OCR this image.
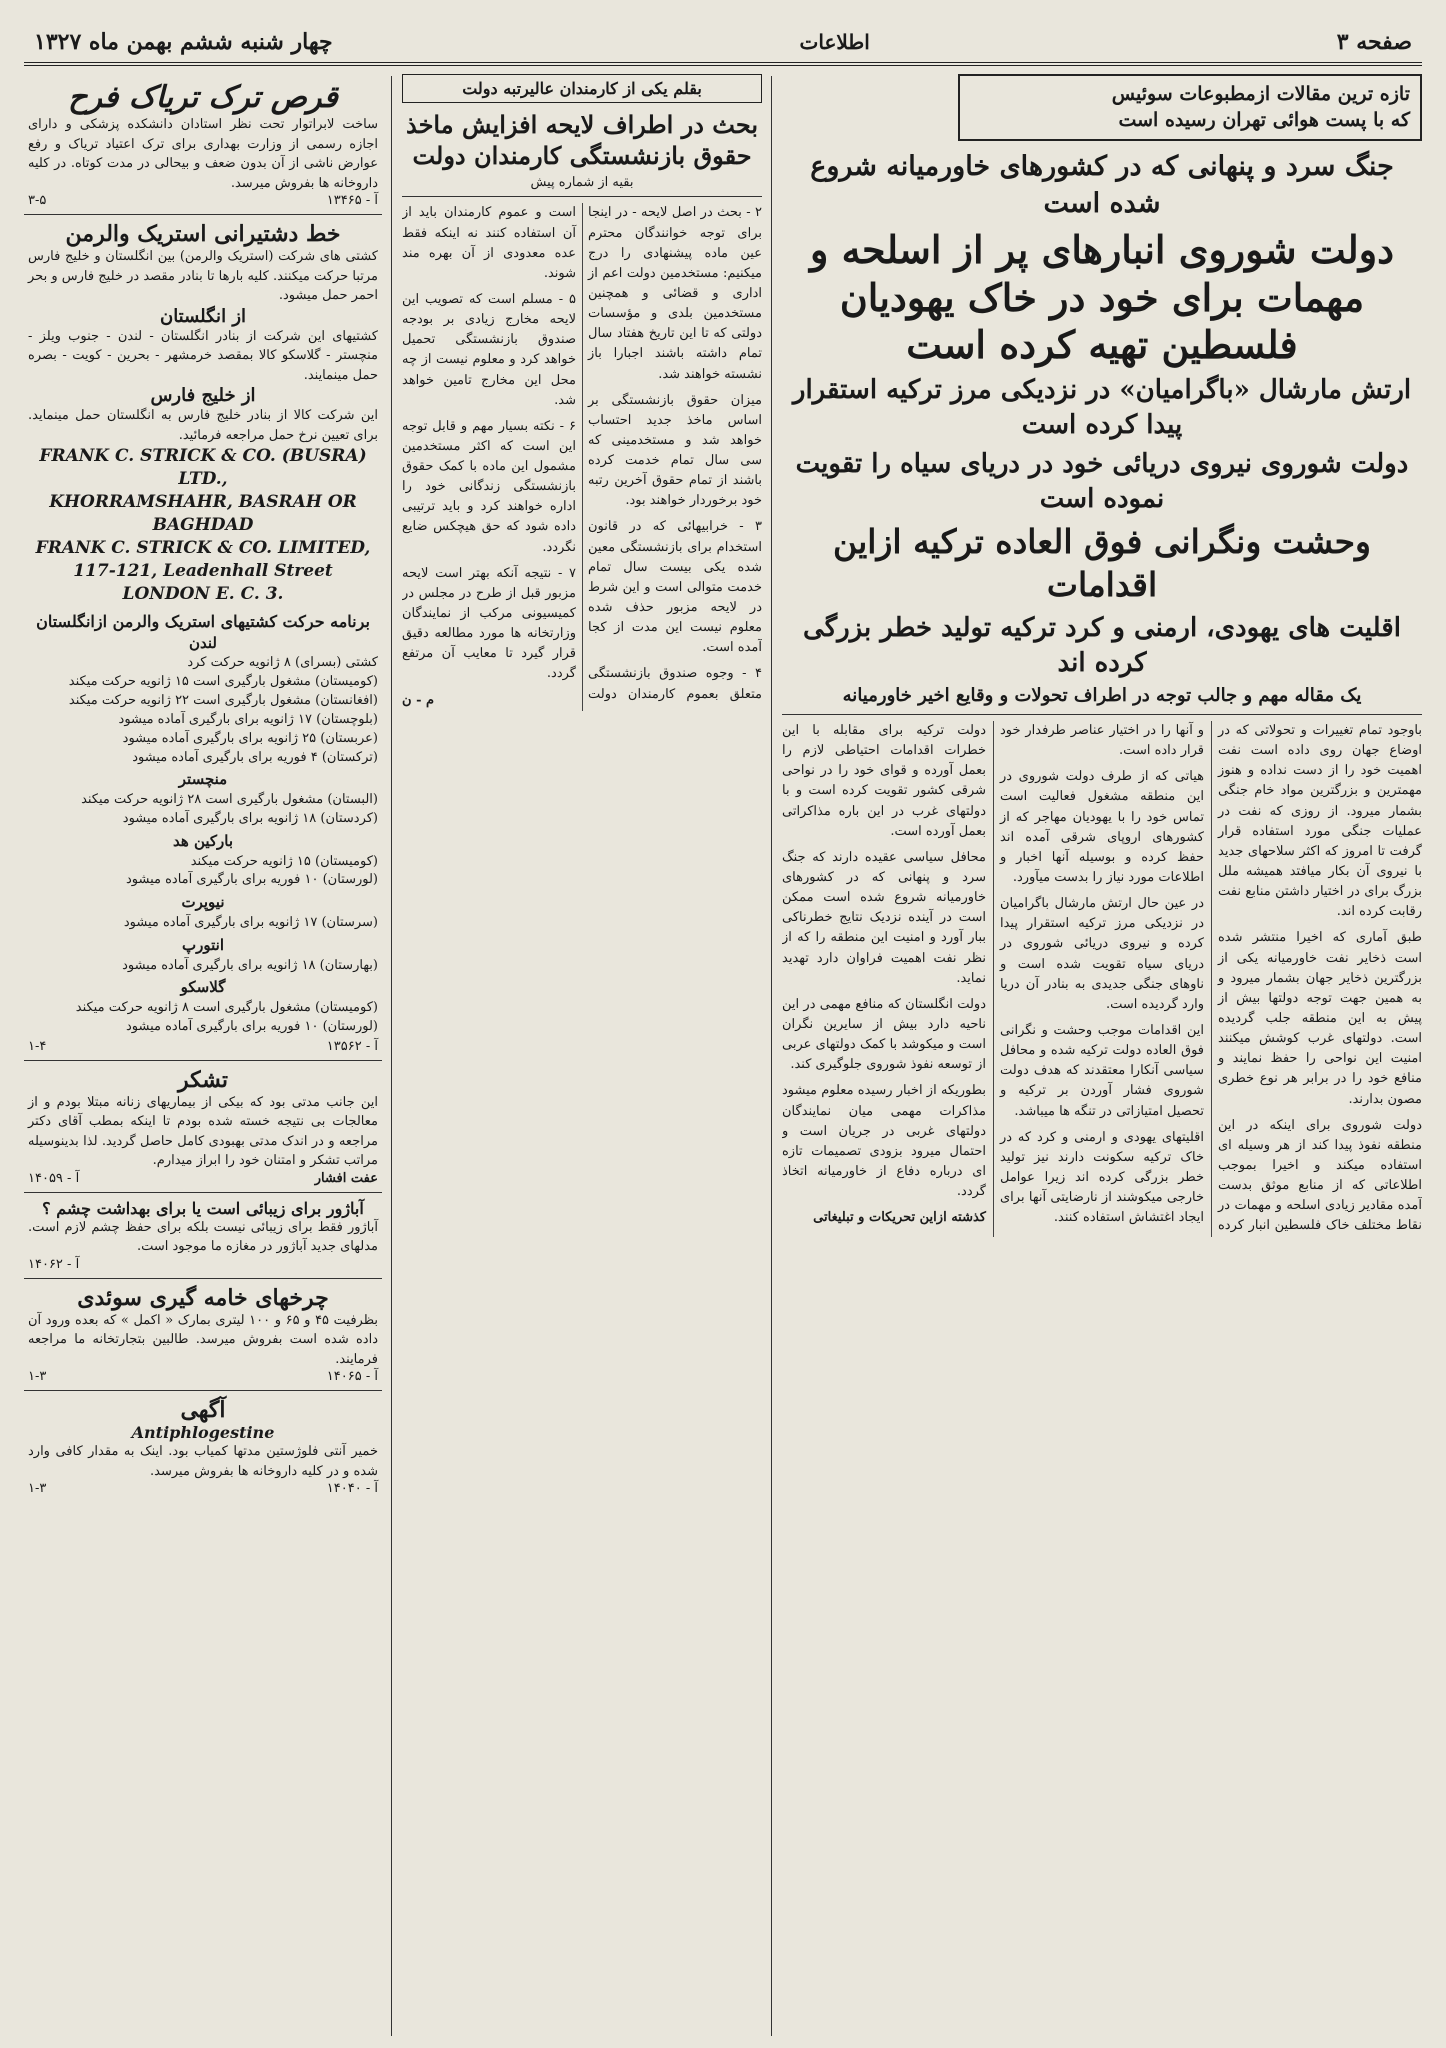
صفحه ۳
اطلاعات
چهار شنبه ششم بهمن ماه ۱۳۲۷
تازه ترین مقالات ازمطبوعات سوئیس
که با پست هوائی تهران رسیده است
جنگ سرد و پنهانی که در کشورهای خاورمیانه شروع شده است
دولت شوروی انبارهای پر از اسلحه و مهمات برای خود در خاک یهودیان فلسطین تهیه کرده است
ارتش مارشال «باگرامیان» در نزدیکی مرز ترکیه استقرار پیدا کرده است
دولت شوروی نیروی دریائی خود در دریای سیاه را تقویت نموده است
وحشت ونگرانی فوق العاده ترکیه ازاین اقدامات
اقلیت های یهودی، ارمنی و کرد ترکیه تولید خطر بزرگی کرده اند
یک مقاله مهم و جالب توجه در اطراف تحولات و وقایع اخیر خاورمیانه

باوجود تمام تغییرات و تحولاتی که در اوضاع جهان روی داده است نفت اهمیت خود را از دست نداده و هنوز مهمترین و بزرگترین مواد خام جنگی بشمار میرود. از روزی که نفت در عملیات جنگی مورد استفاده قرار گرفت تا امروز که اکثر سلاحهای جدید با نیروی آن بکار میافتد همیشه ملل بزرگ برای در اختیار داشتن منابع نفت رقابت کرده اند.

طبق آماری که اخیرا منتشر شده است ذخایر نفت خاورمیانه یکی از بزرگترین ذخایر جهان بشمار میرود و به همین جهت توجه دولتها بیش از پیش به این منطقه جلب گردیده است. دولتهای غرب کوشش میکنند امنیت این نواحی را حفظ نمایند و منافع خود را در برابر هر نوع خطری مصون بدارند.

دولت شوروی برای اینکه در این منطقه نفوذ پیدا کند از هر وسیله ای استفاده میکند و اخیرا بموجب اطلاعاتی که از منابع موثق بدست آمده مقادیر زیادی اسلحه و مهمات در نقاط مختلف خاک فلسطین انبار کرده و آنها را در اختیار عناصر طرفدار خود قرار داده است.

هیاتی که از طرف دولت شوروی در این منطقه مشغول فعالیت است تماس خود را با یهودیان مهاجر که از کشورهای اروپای شرقی آمده اند حفظ کرده و بوسیله آنها اخبار و اطلاعات مورد نیاز را بدست میآورد.

در عین حال ارتش مارشال باگرامیان در نزدیکی مرز ترکیه استقرار پیدا کرده و نیروی دریائی شوروی در دریای سیاه تقویت شده است و ناوهای جنگی جدیدی به بنادر آن دریا وارد گردیده است.

این اقدامات موجب وحشت و نگرانی فوق العاده دولت ترکیه شده و محافل سیاسی آنکارا معتقدند که هدف دولت شوروی فشار آوردن بر ترکیه و تحصیل امتیازاتی در تنگه ها میباشد.

اقلیتهای یهودی و ارمنی و کرد که در خاک ترکیه سکونت دارند نیز تولید خطر بزرگی کرده اند زیرا عوامل خارجی میکوشند از نارضایتی آنها برای ایجاد اغتشاش استفاده کنند.

دولت ترکیه برای مقابله با این خطرات اقدامات احتیاطی لازم را بعمل آورده و قوای خود را در نواحی شرقی کشور تقویت کرده است و با دولتهای غرب در این باره مذاکراتی بعمل آورده است.

محافل سیاسی عقیده دارند که جنگ سرد و پنهانی که در کشورهای خاورمیانه شروع شده است ممکن است در آینده نزدیک نتایج خطرناکی ببار آورد و امنیت این منطقه را که از نظر نفت اهمیت فراوان دارد تهدید نماید.

دولت انگلستان که منافع مهمی در این ناحیه دارد بیش از سایرین نگران است و میکوشد با کمک دولتهای عربی از توسعه نفوذ شوروی جلوگیری کند.

بطوریکه از اخبار رسیده معلوم میشود مذاکرات مهمی میان نمایندگان دولتهای غربی در جریان است و احتمال میرود بزودی تصمیمات تازه ای درباره دفاع از خاورمیانه اتخاذ گردد.

کذشته ازاین تحریکات و تبلیغاتی

بقلم یکی از کارمندان عالیرتبه دولت
بحث در اطراف لایحه افزایش ماخذ حقوق بازنشستگی کارمندان دولت
بقیه از شماره پیش

۲ - بحث در اصل لایحه - در اینجا برای توجه خوانندگان محترم عین ماده پیشنهادی را درج میکنیم: مستخدمین دولت اعم از اداری و قضائی و همچنین مستخدمین بلدی و مؤسسات دولتی که تا این تاریخ هفتاد سال تمام داشته باشند اجبارا باز نشسته خواهند شد.

میزان حقوق بازنشستگی بر اساس ماخذ جدید احتساب خواهد شد و مستخدمینی که سی سال تمام خدمت کرده باشند از تمام حقوق آخرین رتبه خود برخوردار خواهند بود.

۳ - خرابیهائی که در قانون استخدام برای بازنشستگی معین شده یکی بیست سال تمام خدمت متوالی است و این شرط در لایحه مزبور حذف شده معلوم نیست این مدت از کجا آمده است.

۴ - وجوه صندوق بازنشستگی متعلق بعموم کارمندان دولت است و عموم کارمندان باید از آن استفاده کنند نه اینکه فقط عده معدودی از آن بهره مند شوند.

۵ - مسلم است که تصویب این لایحه مخارج زیادی بر بودجه صندوق بازنشستگی تحمیل خواهد کرد و معلوم نیست از چه محل این مخارج تامین خواهد شد.

۶ - نکته بسیار مهم و قابل توجه این است که اکثر مستخدمین مشمول این ماده با کمک حقوق بازنشستگی زندگانی خود را اداره خواهند کرد و باید ترتیبی داده شود که حق هیچکس ضایع نگردد.

۷ - نتیجه آنکه بهتر است لایحه مزبور قبل از طرح در مجلس در کمیسیونی مرکب از نمایندگان وزارتخانه ها مورد مطالعه دقیق قرار گیرد تا معایب آن مرتفع گردد.

م - ن

قرص ترک تریاک فرح
ساخت لابراتوار تحت نظر استادان دانشکده پزشکی و دارای اجازه رسمی از وزارت بهداری برای ترک اعتیاد تریاک و رفع عوارض ناشی از آن بدون ضعف و بیحالی در مدت کوتاه. در کلیه داروخانه ها بفروش میرسد.
۳-۵	آ - ۱۳۴۶۵
خط دشتیرانی استریک والرمن
کشتی های شرکت (استریک والرمن) بین انگلستان و خلیج فارس مرتبا حرکت میکنند. کلیه بارها تا بنادر مقصد در خلیج فارس و بحر احمر حمل میشود.
از انگلستان
کشتیهای این شرکت از بنادر انگلستان - لندن - جنوب ویلز - منچستر - گلاسکو کالا بمقصد خرمشهر - بحرین - کویت - بصره حمل مینمایند.
از خلیج فارس
این شرکت کالا از بنادر خلیج فارس به انگلستان حمل مینماید. برای تعیین نرخ حمل مراجعه فرمائید.
FRANK C. STRICK & CO. (BUSRA) LTD.,
KHORRAMSHAHR, BASRAH OR BAGHDAD
FRANK C. STRICK & CO. LIMITED,
117-121, Leadenhall Street
LONDON E. C. 3.
برنامه حرکت کشتیهای استریک والرمن ازانگلستان
لندن
کشتی (بسرای) ۸ ژانویه حرکت کرد
(کومیستان) مشغول بارگیری است ۱۵ ژانویه حرکت میکند
(افغانستان) مشغول بارگیری است ۲۲ ژانویه حرکت میکند
(بلوچستان) ۱۷ ژانویه برای بارگیری آماده میشود
(عربستان) ۲۵ ژانویه برای بارگیری آماده میشود
(ترکستان) ۴ فوریه برای بارگیری آماده میشود
منچستر
(البستان) مشغول بارگیری است ۲۸ ژانویه حرکت میکند
(کردستان) ۱۸ ژانویه برای بارگیری آماده میشود
بارکین هد
(کومیستان) ۱۵ ژانویه حرکت میکند
(لورستان) ۱۰ فوریه برای بارگیری آماده میشود
نیوپرت
(سرستان) ۱۷ ژانویه برای بارگیری آماده میشود
انتورپ
(بهارستان) ۱۸ ژانویه برای بارگیری آماده میشود
گلاسکو
(کومیستان) مشغول بارگیری است ۸ ژانویه حرکت میکند
(لورستان) ۱۰ فوریه برای بارگیری آماده میشود
۱-۴	آ - ۱۳۵۶۲
تشکر
این جانب مدتی بود که بیکی از بیماریهای زنانه مبتلا بودم و از معالجات بی نتیجه خسته شده بودم تا اینکه بمطب آقای دکتر مراجعه و در اندک مدتی بهبودی کامل حاصل گردید. لذا بدینوسیله مراتب تشکر و امتنان خود را ابراز میدارم.
آ - ۱۴۰۵۹	عفت افشار
آباژور برای زیبائی است یا برای بهداشت چشم ؟
آباژور فقط برای زیبائی نیست بلکه برای حفظ چشم لازم است. مدلهای جدید آباژور در مغازه ما موجود است.
آ - ۱۴۰۶۲
چرخهای خامه گیری سوئدی
بظرفیت ۴۵ و ۶۵ و ۱۰۰ لیتری بمارک « اکمل » که بعده ورود آن داده شده است بفروش میرسد. طالبین بتجارتخانه ما مراجعه فرمایند.
۱-۳	آ - ۱۴۰۶۵
آگهی
Antiphlogestine
خمیر آنتی فلوژستین مدتها کمیاب بود. اینک به مقدار کافی وارد شده و در کلیه داروخانه ها بفروش میرسد.
۱-۳	آ - ۱۴۰۴۰
